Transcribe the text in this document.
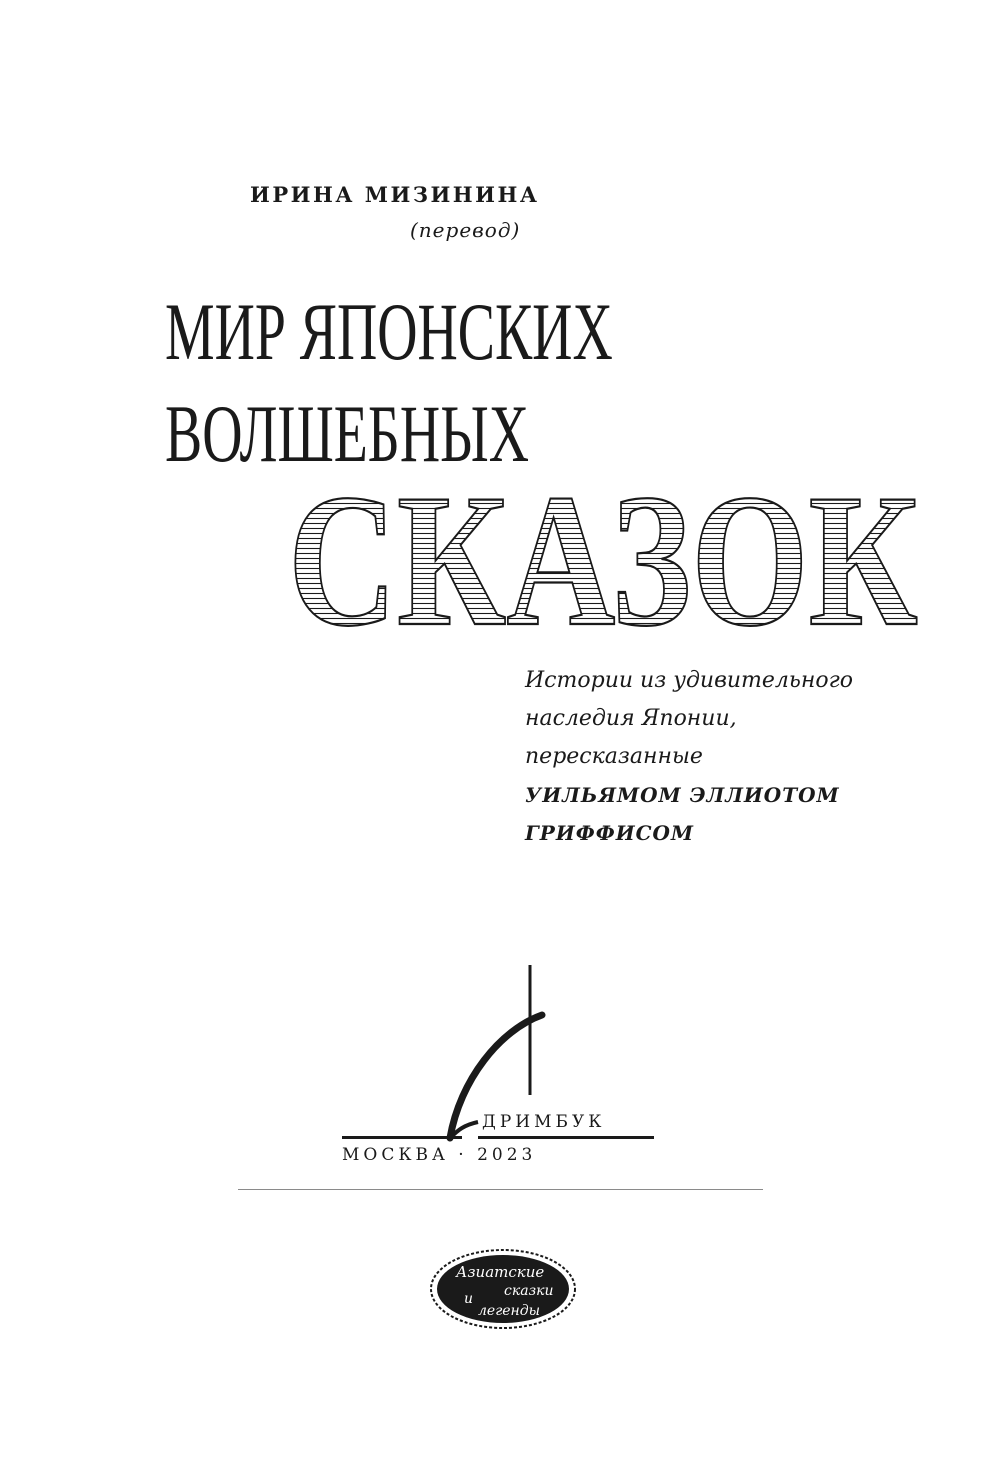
ИРИНА МИЗИНИНА
(перевод)
МИР ЯПОНСКИХ
ВОЛШЕБНЫХ
СКАЗОК
Истории из удивительного
наследия Японии,
пересказанные
УИЛЬЯМОМ ЭЛЛИОТОМ
ГРИФФИСОМ
ДРИМБУК
МОСКВА · 2023
Азиатские
сказки
и
легенды
